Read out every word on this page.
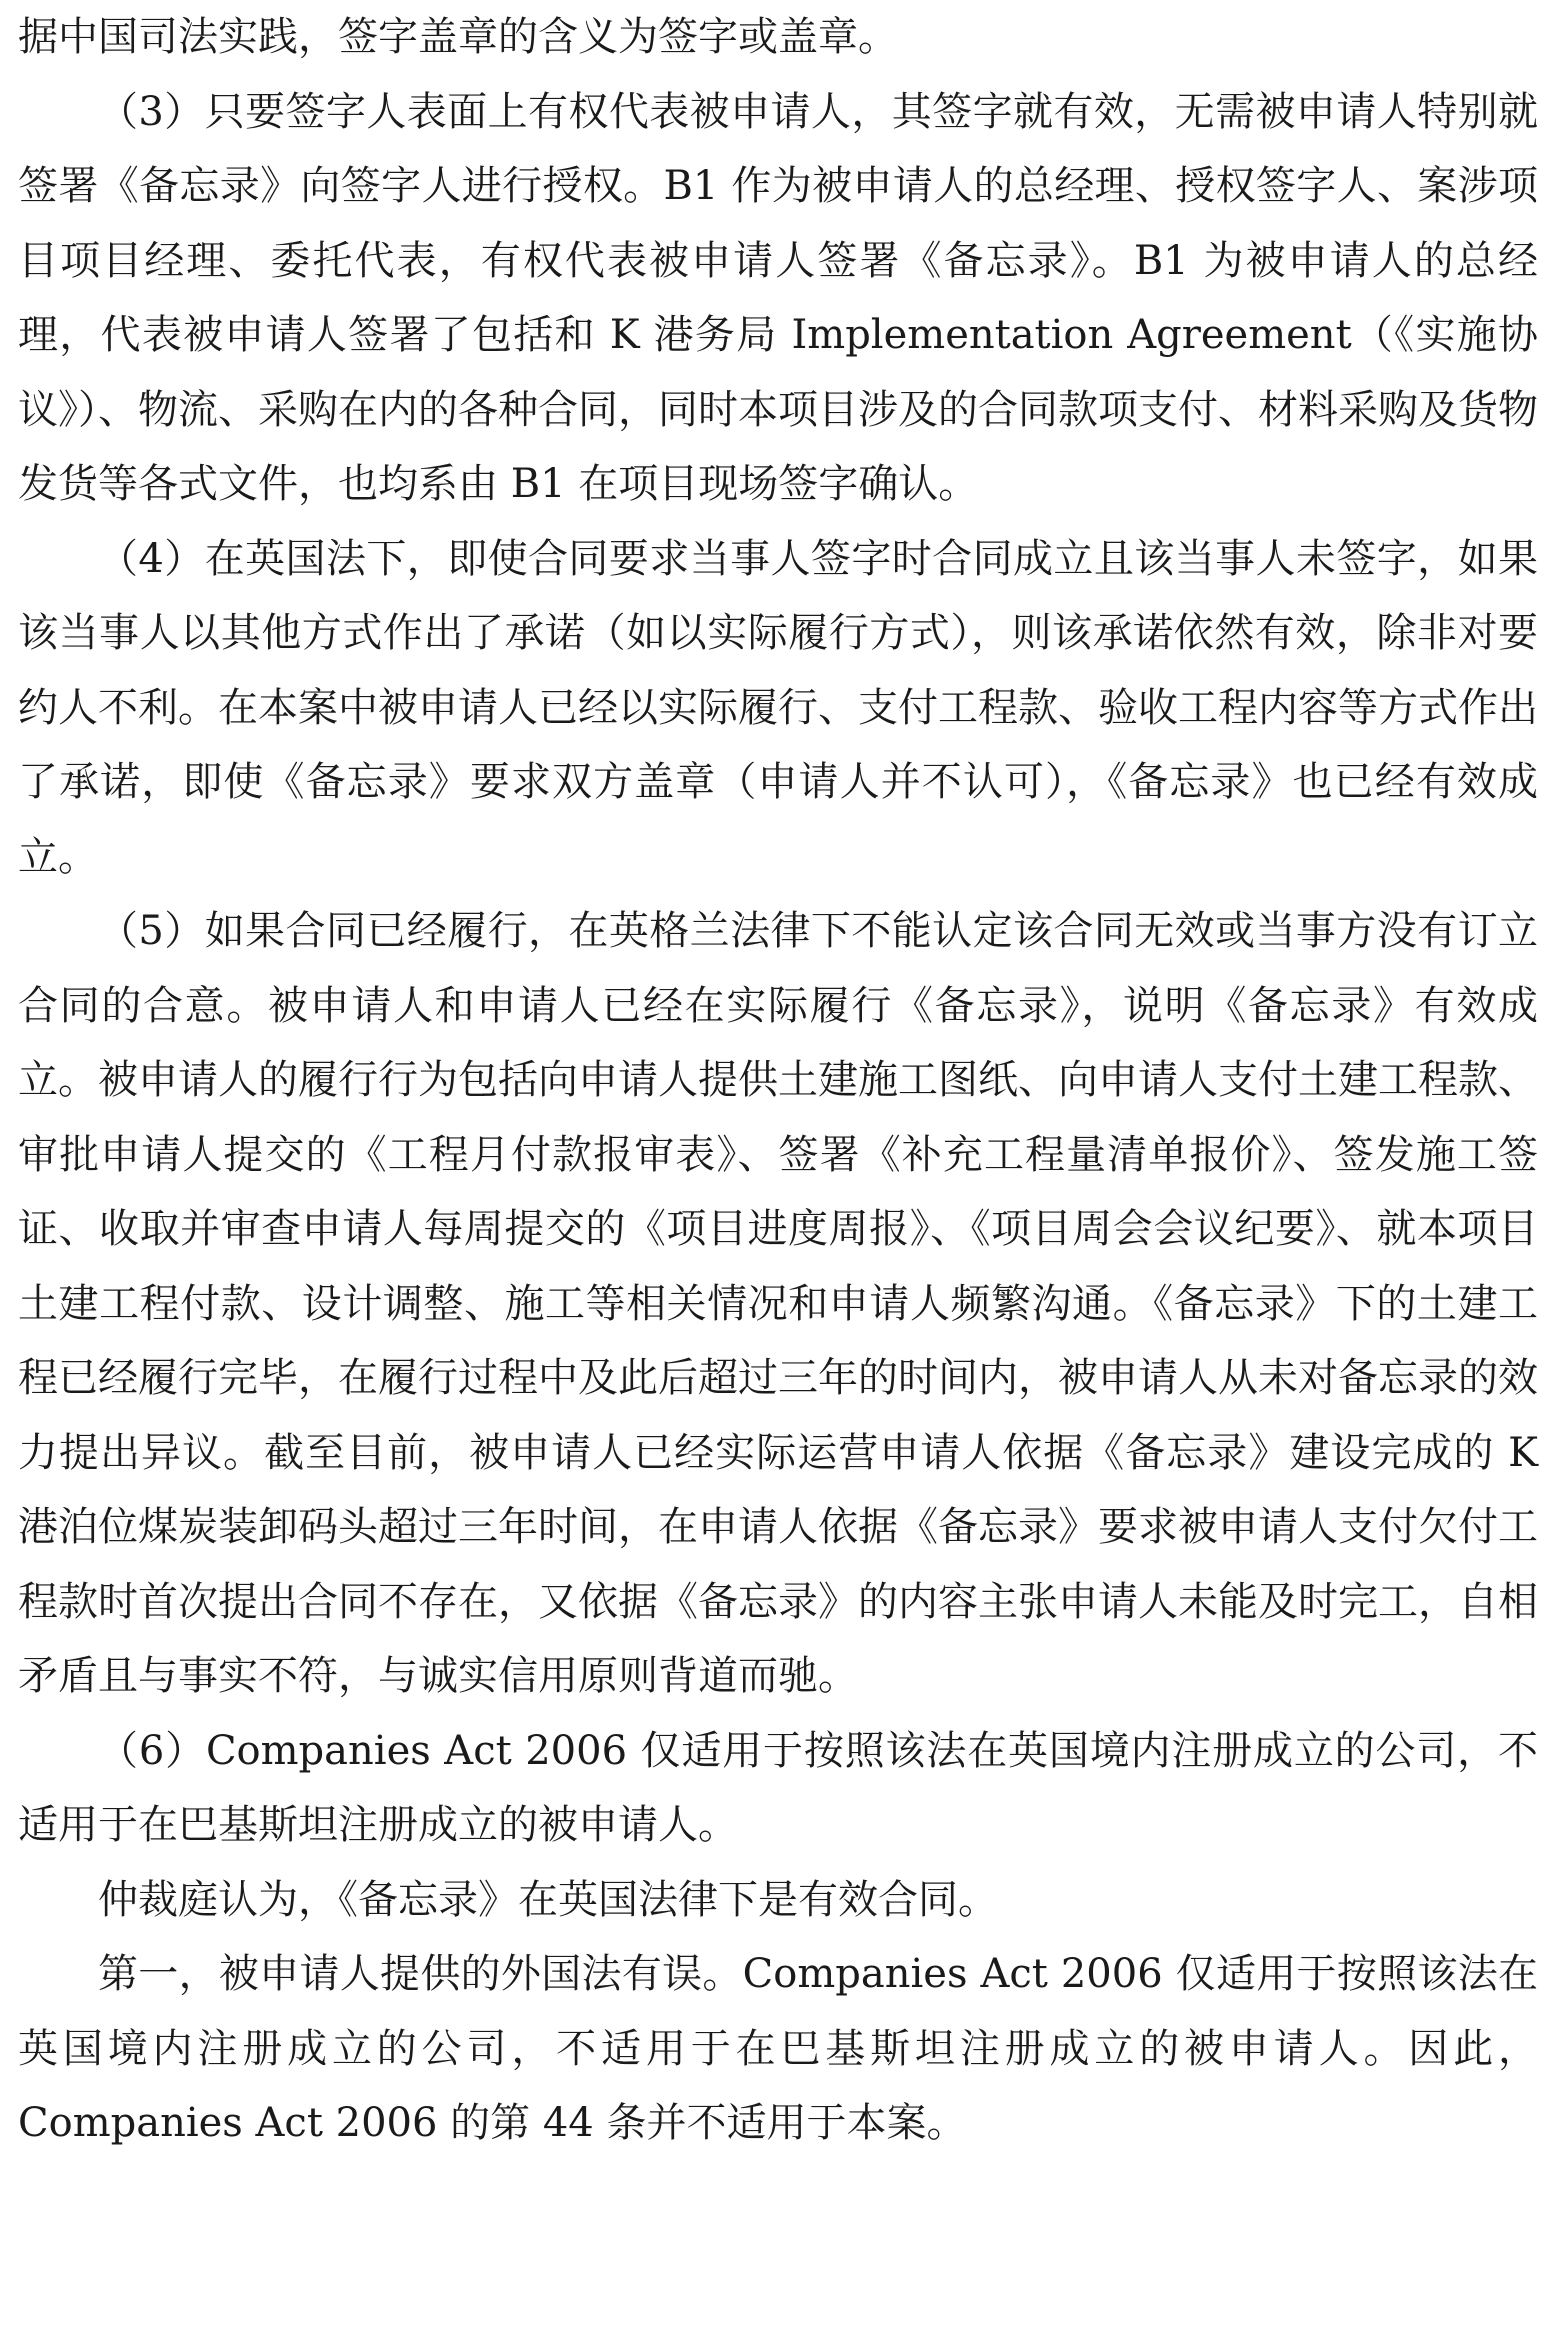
据中国司法实践，签字盖章的含义为签字或盖章。

（3）只要签字人表面上有权代表被申请人，其签字就有效，无需被申请人特别就签署《备忘录》向签字人进行授权。B1 作为被申请人的总经理、授权签字人、案涉项目项目经理、委托代表，有权代表被申请人签署《备忘录》。B1 为被申请人的总经理，代表被申请人签署了包括和 K 港务局 Implementation Agreement（《实施协议》）、物流、采购在内的各种合同，同时本项目涉及的合同款项支付、材料采购及货物发货等各式文件，也均系由 B1 在项目现场签字确认。

（4）在英国法下，即使合同要求当事人签字时合同成立且该当事人未签字，如果该当事人以其他方式作出了承诺（如以实际履行方式），则该承诺依然有效，除非对要约人不利。在本案中被申请人已经以实际履行、支付工程款、验收工程内容等方式作出了承诺，即使《备忘录》要求双方盖章（申请人并不认可），《备忘录》也已经有效成立。

（5）如果合同已经履行，在英格兰法律下不能认定该合同无效或当事方没有订立合同的合意。被申请人和申请人已经在实际履行《备忘录》，说明《备忘录》有效成立。被申请人的履行行为包括向申请人提供土建施工图纸、向申请人支付土建工程款、审批申请人提交的《工程月付款报审表》、签署《补充工程量清单报价》、签发施工签证、收取并审查申请人每周提交的《项目进度周报》、《项目周会会议纪要》、就本项目土建工程付款、设计调整、施工等相关情况和申请人频繁沟通。《备忘录》下的土建工程已经履行完毕，在履行过程中及此后超过三年的时间内，被申请人从未对备忘录的效力提出异议。截至目前，被申请人已经实际运营申请人依据《备忘录》建设完成的 K 港泊位煤炭装卸码头超过三年时间，在申请人依据《备忘录》要求被申请人支付欠付工程款时首次提出合同不存在，又依据《备忘录》的内容主张申请人未能及时完工，自相矛盾且与事实不符，与诚实信用原则背道而驰。

（6）Companies Act 2006 仅适用于按照该法在英国境内注册成立的公司，不适用于在巴基斯坦注册成立的被申请人。

仲裁庭认为，《备忘录》在英国法律下是有效合同。

第一，被申请人提供的外国法有误。Companies Act 2006 仅适用于按照该法在英国境内注册成立的公司，不适用于在巴基斯坦注册成立的被申请人。因此，Companies Act 2006 的第 44 条并不适用于本案。
